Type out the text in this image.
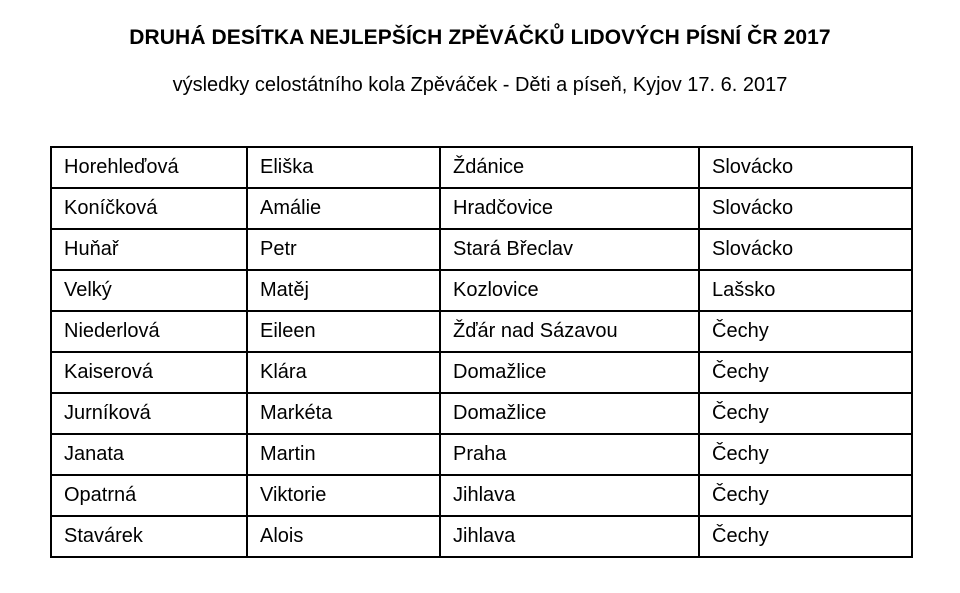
DRUHÁ DESÍTKA NEJLEPŠÍCH ZPĚVÁČKŮ LIDOVÝCH PÍSNÍ ČR 2017
výsledky celostátního kola Zpěváček - Děti a píseň, Kyjov 17. 6. 2017
Horehleďová	Eliška	Ždánice	Slovácko
Koníčková	Amálie	Hradčovice	Slovácko
Huňař	Petr	Stará Břeclav	Slovácko
Velký	Matěj	Kozlovice	Lašsko
Niederlová	Eileen	Žďár nad Sázavou	Čechy
Kaiserová	Klára	Domažlice	Čechy
Jurníková	Markéta	Domažlice	Čechy
Janata	Martin	Praha	Čechy
Opatrná	Viktorie	Jihlava	Čechy
Stavárek	Alois	Jihlava	Čechy
